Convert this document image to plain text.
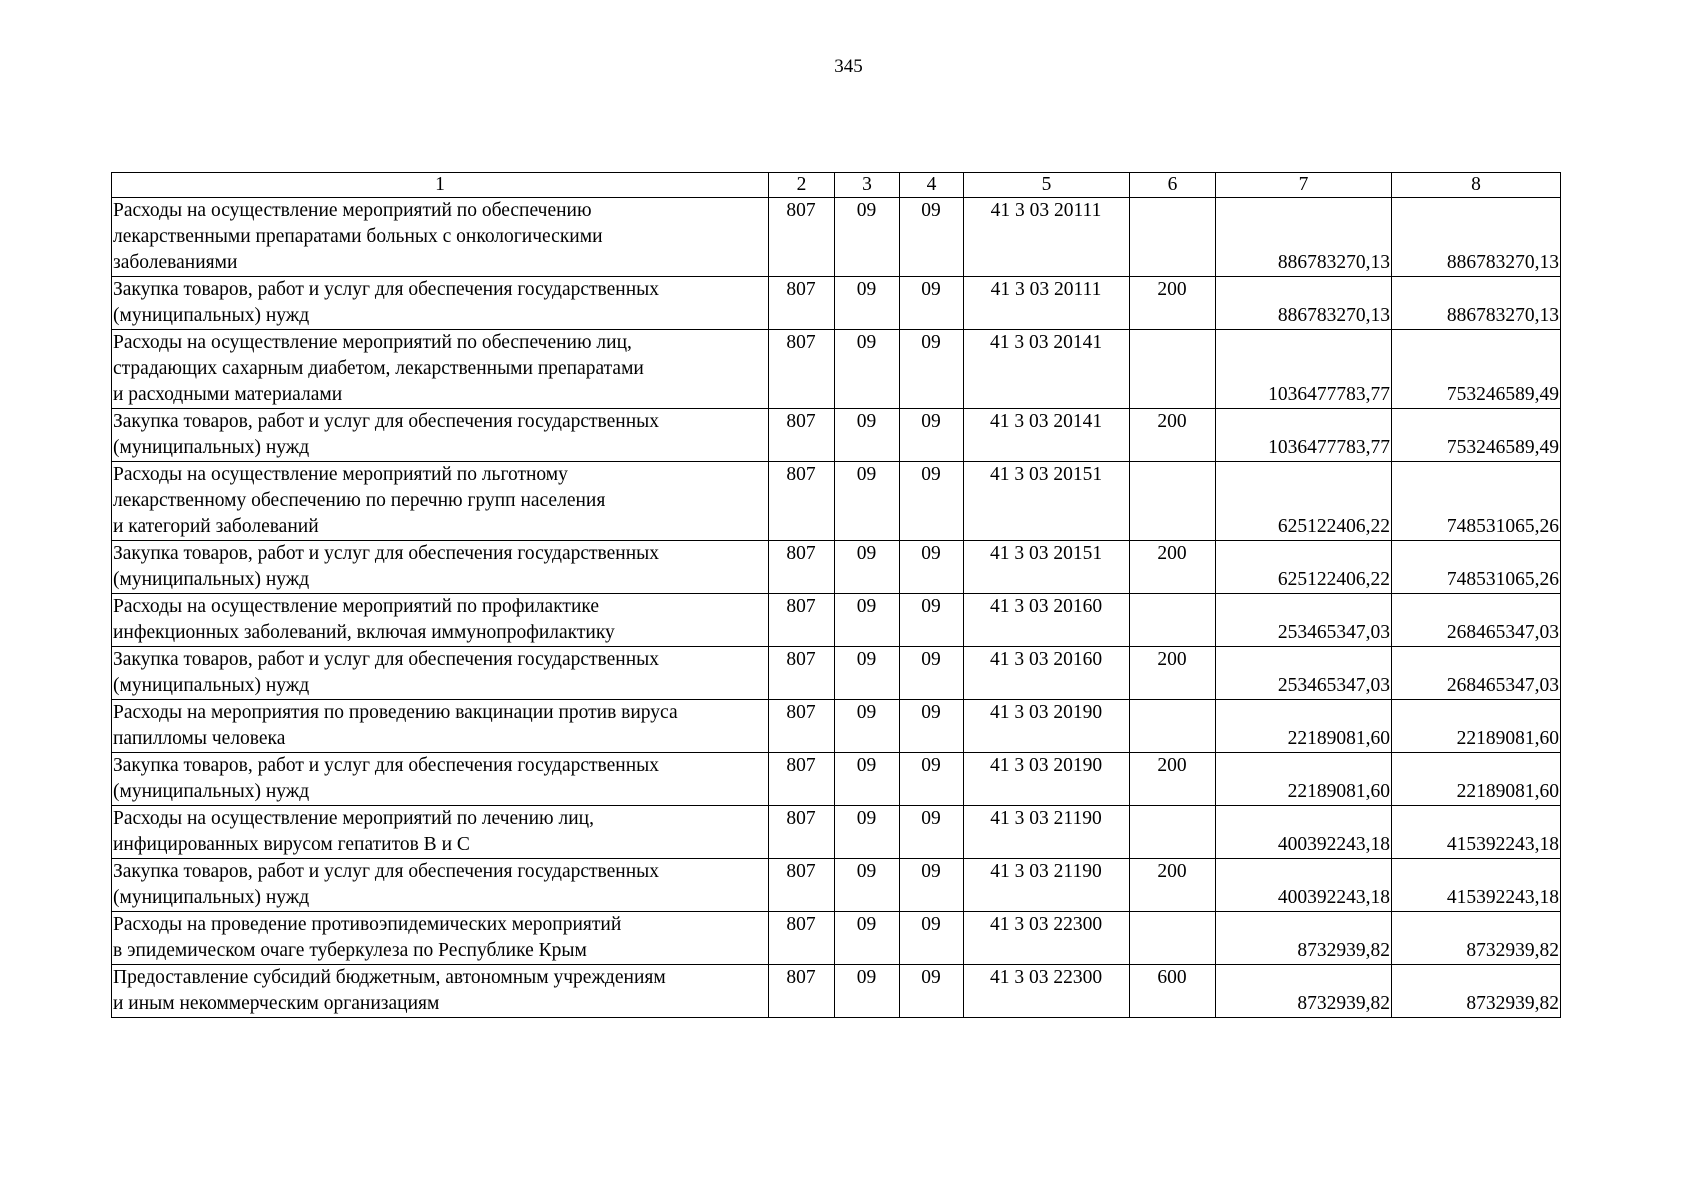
345
1	2	3	4	5	6	7	8

Расходы на осуществление мероприятий по обеспечению
лекарственными препаратами больных с онкологическими
заболеваниями	807	09	09	41 3 03 20111		886783270,13	886783270,13

Закупка товаров, работ и услуг для обеспечения государственных
(муниципальных) нужд	807	09	09	41 3 03 20111	200	886783270,13	886783270,13

Расходы на осуществление мероприятий по обеспечению лиц,
страдающих сахарным диабетом, лекарственными препаратами
и расходными материалами	807	09	09	41 3 03 20141		1036477783,77	753246589,49

Закупка товаров, работ и услуг для обеспечения государственных
(муниципальных) нужд	807	09	09	41 3 03 20141	200	1036477783,77	753246589,49

Расходы на осуществление мероприятий по льготному
лекарственному обеспечению по перечню групп населения
и категорий заболеваний	807	09	09	41 3 03 20151		625122406,22	748531065,26

Закупка товаров, работ и услуг для обеспечения государственных
(муниципальных) нужд	807	09	09	41 3 03 20151	200	625122406,22	748531065,26

Расходы на осуществление мероприятий по профилактике
инфекционных заболеваний, включая иммунопрофилактику	807	09	09	41 3 03 20160		253465347,03	268465347,03

Закупка товаров, работ и услуг для обеспечения государственных
(муниципальных) нужд	807	09	09	41 3 03 20160	200	253465347,03	268465347,03

Расходы на мероприятия по проведению вакцинации против вируса
папилломы человека	807	09	09	41 3 03 20190		22189081,60	22189081,60

Закупка товаров, работ и услуг для обеспечения государственных
(муниципальных) нужд	807	09	09	41 3 03 20190	200	22189081,60	22189081,60

Расходы на осуществление мероприятий по лечению лиц,
инфицированных вирусом гепатитов B и C	807	09	09	41 3 03 21190		400392243,18	415392243,18

Закупка товаров, работ и услуг для обеспечения государственных
(муниципальных) нужд	807	09	09	41 3 03 21190	200	400392243,18	415392243,18

Расходы на проведение противоэпидемических мероприятий
в эпидемическом очаге туберкулеза по Республике Крым	807	09	09	41 3 03 22300		8732939,82	8732939,82

Предоставление субсидий бюджетным, автономным учреждениям
и иным некоммерческим организациям	807	09	09	41 3 03 22300	600	8732939,82	8732939,82
